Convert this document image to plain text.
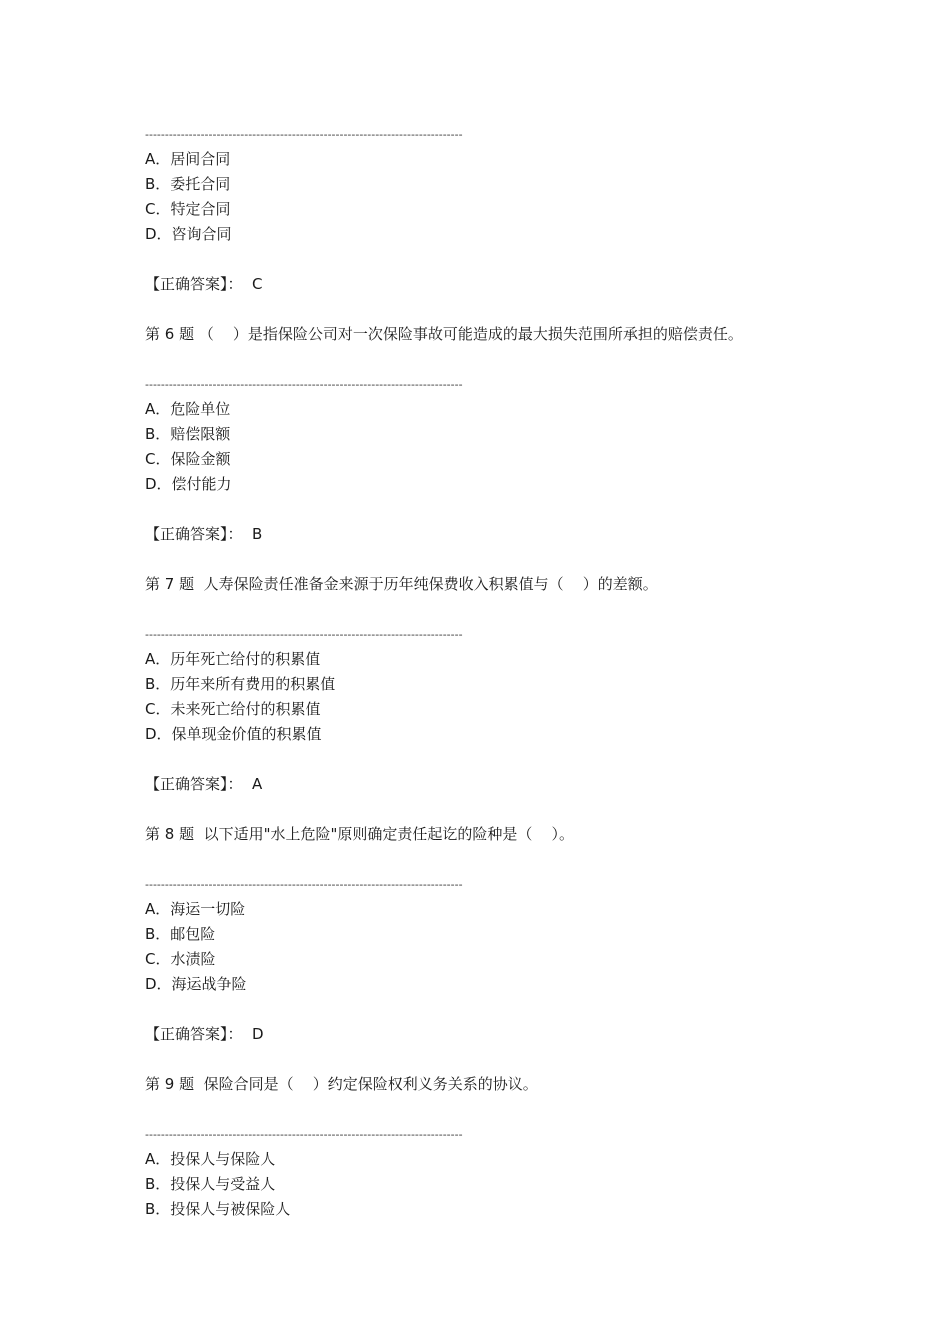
--------------------------------------------------------------------------------
A．居间合同
B．委托合同
C．特定合同
D．咨询合同
【正确答案】：  C
第 6 题 （    ）是指保险公司对一次保险事故可能造成的最大损失范围所承担的赔偿责任。
--------------------------------------------------------------------------------
A．危险单位
B．赔偿限额
C．保险金额
D．偿付能力
【正确答案】：  B
第 7 题  人寿保险责任准备金来源于历年纯保费收入积累值与（    ）的差额。
--------------------------------------------------------------------------------
A．历年死亡给付的积累值
B．历年来所有费用的积累值
C．未来死亡给付的积累值
D．保单现金价值的积累值
【正确答案】：  A
第 8 题  以下适用"水上危险"原则确定责任起讫的险种是（    ）。
--------------------------------------------------------------------------------
A．海运一切险
B．邮包险
C．水渍险
D．海运战争险
【正确答案】：  D
第 9 题  保险合同是（    ）约定保险权利义务关系的协议。
--------------------------------------------------------------------------------
A．投保人与保险人
B．投保人与受益人
B．投保人与被保险人
